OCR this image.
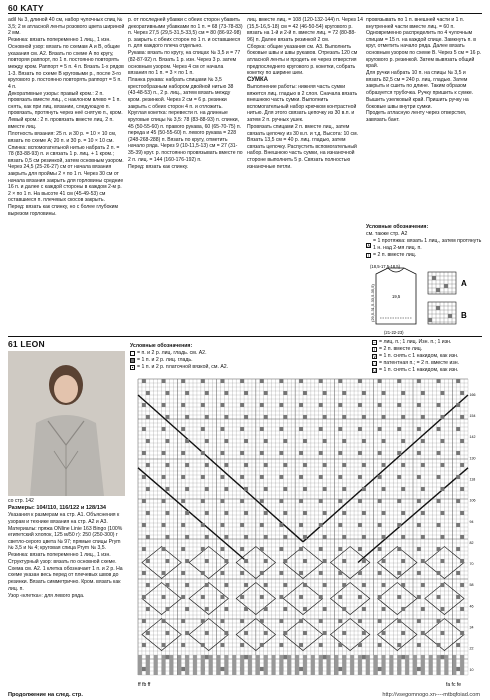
60 KATY

adiI № 3, длиной 40 см, набор чулочных спиц № 3,5; 2 м атласной ленты розового цвета шириной 2 мм.

Резинка: вязать попеременно 1 лиц., 1 изн.

Основной узор: вязать по схемам А и В, общие указания см. А2. Вязать по схеме А по кругу, повторяя раппорт, по 1 п. постоянно повторять между кром. Раппорт = 5 п. 4 п. Вязать 1-х рядов 1-3. Вязать по схеме В круговыми р., после 3-го кругового р. постоянно повторять раппорт = 5 п. 4 п.

Декоративные узоры: правый кром.: 2 п. провязать вместе лиц., с наклоном влево = 1 п. снять, как при лиц. вязании, следующую п. провязать, протянуть через неё снятую п., кром.

Левый кром.: 2 п. провязать вместе лиц. 2 п. вместе лиц.

Плотность вязания: 25 п. и 30 р. = 10 × 10 см, вязать по схеме А; 20 п. и 30 р. = 10 × 10 см.

Спинка: вспомогательной нитью набрать 2 п. = 78 (83-88-93) п. и связать 1 р. лиц. + 1 кром.; вязать 0,5 см резинкой, затем основным узором. Через 24,5 (25-26-27) см от начала вязания закрыть для проймы 2 × по 1 п. Через 30 см от начала вязания закрыть для горловины средние 16 п. и далее с каждой стороны в каждом 2-м р. 2 × по 1 п. На высоте 41 см (45-49-53) см оставшиеся п. плечевых скосов закрыть.

Перед: вязать как спинку, но с более глубоким вырезом горловины.

р. от последней убавки с обеих сторон убавить декоративными убавками по 1 п. = 68 (73-78-83) п. Через 27,5 (29,5-31,5-33,5) см = 80 (86-92-98) р. закрыть с обеих сторон по 1 п. и оставшиеся п. для каждого плеча отдельно.

Рукава: вязать по кругу, на спицах № 3,5 и = 77 (82-87-92) п. Вязать 1 р. изн. Через 3 р. затем основным узором. Через 4 см от начала вязания по 1 п. = 3 × по 1 п.

Планка рукава: набрать спицами № 3,5 крестообразным набором двойной нитью 38 (43-48-53) п., 2 р. лиц., затем вязать между кром. резинкой. Через 2 см = 6 р. резинки закрыть с обеих сторон 4 п. и отложить.

Круглая кокетка: перевести п. на длинные круговые спицы № 3,5: 78 (83-88-93) п. спинки, 45 (50-55-60) п. правого рукава, 60 (65-70-75) п. переда и 45 (50-55-60) п. левого рукава = 228 (248-268-288) п. Вязать по кругу, отметить начало ряда. Через 9 (10-11,5-13) см = 27 (31-35-39) круг. р. постоянно провязывать вместе по 2 п. лиц. = 144 (160-176-192) п.

Перед: вязать как спинку.

лиц. вместе лиц. = 108 (120-132-144) п. Через 14 (15,5-16,5-18) см = 42 (46-50-54) кругового р. вязать на 1-й и 2-й п. вместе лиц. = 72 (80-88-96) п. Далее вязать резинкой 2 см.

Сборка: общие указания см. А3. Выполнить боковые швы и швы рукавов. Отрезать 120 см атласной ленты и продеть ее через отверстия предпоследнего кругового р. кокетки, собрать кокетку по ширине шеи.

СУМКА

Выполнение работы: нижняя часть сумки вяжется лиц. гладью в 2 слоя. Сначала вязать внешнюю часть сумки. Выполнить вспомогательный набор крючком контрастной нитью. Для этого связать цепочку из 30 в.п. и затем 2 п. ручных ушек.

Провязать спицами 2 п. вместе лиц., затем связать цепочку из 30 в.п. и т.д. Высота: 10 см. Вязать 13,5 см = 40 р. лиц. гладью, затем связать цепочку. Распустить вспомогательный набор. Внешнюю часть сумки, на изнаночной стороне выполнить 5 р. Связать полностью изнаночные петли.

провязывать по 1 п. внешней части и 1 п. внутренней части вместе лиц. = 60 п. Одновременно распределить по 4 чулочным спицам = 15 п. на каждой спице. Замкнуть п. в круг, отметить начало ряда. Далее вязать основным узором по схеме В. Через 5 см = 16 р. кругового р. резинкой. Затем вывязать общий край.

Для ручки набрать 10 п. на спицы № 3,5 и вязать 82,5 см = 240 р. лиц. гладью. Затем закрыть и сшить по длине. Таким образом образуется трубочка. Ручку пришить к сумке.

Вышить узелковый край. Пришить ручку на боковые швы внутри сумки.

Продеть атласную ленту через отверстия, завязать бант.

Условные обозначения:
см. также стр. А2
∧
= 1 протяжка: вязать 1 лиц., затем протянуть 1 н. над 2-мя лиц. п.
/ = 2 п. вместе лиц.
(18,5-17,5-18,5)
(29,5-31,5-33,5-35,5)
(21-22-23)
19,5
A
B
61 LEON

со стр. 142

Размеры: 104/110, 116/122 и 128/134

Указания к размерам на стр. А1. Объяснения к узорам и технике вязания на стр. А2 и А3.

Материалы: пряжа ONline Linie 163 Bingo (100% египетский хлопок, 125 м/50 г): 250 (250-300) г светло-серого цвета № 97; прямые спицы Prym № 3,5 и № 4; круговая спица Prym № 3,5.

Резинка: вязать попеременно 1 лиц., 1 изн.

Структурный узор: вязать по основной схеме. Схема см. А2. 1 клетка обозначает 1 п. и 2 р. На схеме указан весь перед от плечевых швов до резинки. Вязать симметрично. Кром. вязать как лиц. п.

Узор «клетка»: для левого ряда.

Условные обозначения:
= п. и 2 р. лиц. гладь. см. А2.
= 1 п. и 2 р. лиц. гладь.
• = 1 п. и 2 р. платочной вязкой, см. А2.
− = лиц. п.; 1 лиц. Изн. п.; 1 изн.
/ = 2 п. вместе лиц.
∨ = 1 п. снять с 1 накидом, как изн.
∩ = патентная п.; = 2 п. вместе изн.
∪ = 1 п. снять с 1 накидом, как изн.
166
154
142
130
118
106
94
82
70
58
46
34
22
10
ff fb ff	fa fc fe
Продолжение на след. стр.	http://vsegomnogo.xn----mtbqfoiad.com
